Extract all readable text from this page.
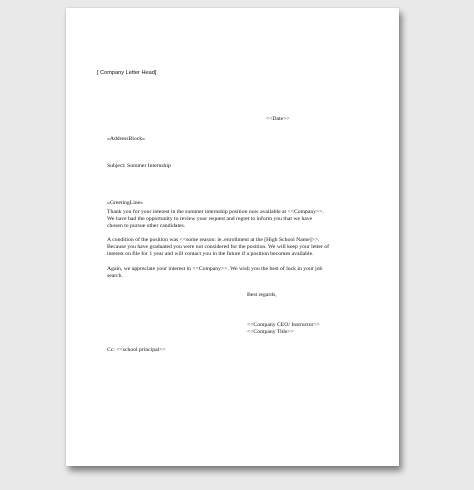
[ Company Letter Head]
<<Date>>
«AddressBlock»
Subject: Summer Internship
«GreetingLine»
Thank you for your interest in the summer internship position now available at <<Company>>.
We have had the opportunity to review your request and regret to inform you that we have
chosen to pursue other candidates.
A condition of the position was <<some reason: ie..enrollment at the [High School Name]>>.
Because you have graduated you were not considered for the position. We will keep your letter of
interest on file for 1 year and will contact you in the future if a position becomes available.
Again, we appreciate your interest in <<Company>>. We wish you the best of luck in your job
search.
Best regards,
<<Company CEO/ Instructor>>
<<Company Title>>
Cc: <<school principal>>
